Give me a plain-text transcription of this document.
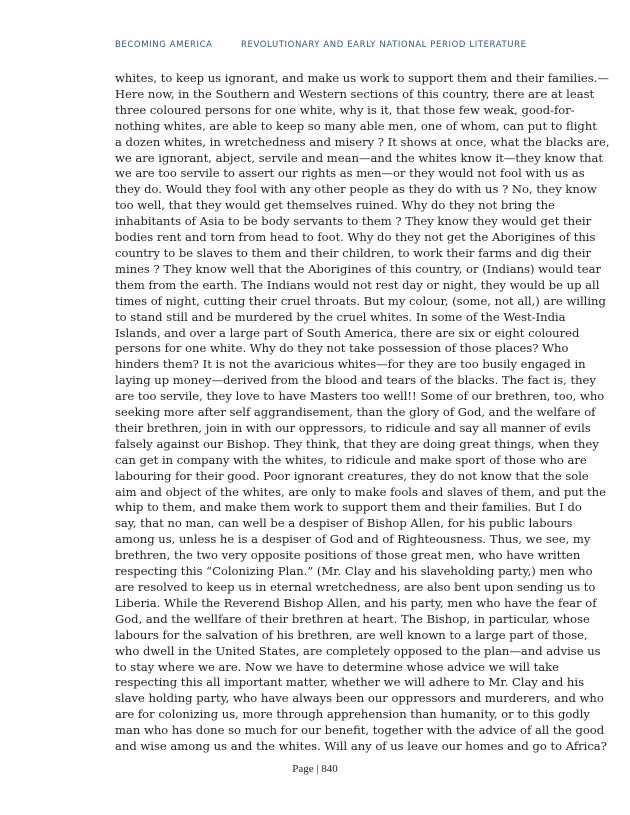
BECOMING AMERICA	REVOLUTIONARY AND EARLY NATIONAL PERIOD LITERATURE
whites, to keep us ignorant, and make us work to support them and their families.—
Here now, in the Southern and Western sections of this country, there are at least
three coloured persons for one white, why is it, that those few weak, good-for-
nothing whites, are able to keep so many able men, one of whom, can put to flight
a dozen whites, in wretchedness and misery ? It shows at once, what the blacks are,
we are ignorant, abject, servile and mean—and the whites know it—they know that
we are too servile to assert our rights as men—or they would not fool with us as
they do. Would they fool with any other people as they do with us ? No, they know
too well, that they would get themselves ruined. Why do they not bring the
inhabitants of Asia to be body servants to them ? They know they would get their
bodies rent and torn from head to foot. Why do they not get the Aborigines of this
country to be slaves to them and their children, to work their farms and dig their
mines ? They know well that the Aborigines of this country, or (Indians) would tear
them from the earth. The Indians would not rest day or night, they would be up all
times of night, cutting their cruel throats. But my colour, (some, not all,) are willing
to stand still and be murdered by the cruel whites. In some of the West-India
Islands, and over a large part of South America, there are six or eight coloured
persons for one white. Why do they not take possession of those places? Who
hinders them? It is not the avaricious whites—for they are too busily engaged in
laying up money—derived from the blood and tears of the blacks. The fact is, they
are too servile, they love to have Masters too well!! Some of our brethren, too, who
seeking more after self aggrandisement, than the glory of God, and the welfare of
their brethren, join in with our oppressors, to ridicule and say all manner of evils
falsely against our Bishop. They think, that they are doing great things, when they
can get in company with the whites, to ridicule and make sport of those who are
labouring for their good. Poor ignorant creatures, they do not know that the sole
aim and object of the whites, are only to make fools and slaves of them, and put the
whip to them, and make them work to support them and their families. But I do
say, that no man, can well be a despiser of Bishop Allen, for his public labours
among us, unless he is a despiser of God and of Righteousness. Thus, we see, my
brethren, the two very opposite positions of those great men, who have written
respecting this “Colonizing Plan.” (Mr. Clay and his slaveholding party,) men who
are resolved to keep us in eternal wretchedness, are also bent upon sending us to
Liberia. While the Reverend Bishop Allen, and his party, men who have the fear of
God, and the wellfare of their brethren at heart. The Bishop, in particular, whose
labours for the salvation of his brethren, are well known to a large part of those,
who dwell in the United States, are completely opposed to the plan—and advise us
to stay where we are. Now we have to determine whose advice we will take
respecting this all important matter, whether we will adhere to Mr. Clay and his
slave holding party, who have always been our oppressors and murderers, and who
are for colonizing us, more through apprehension than humanity, or to this godly
man who has done so much for our benefit, together with the advice of all the good
and wise among us and the whites. Will any of us leave our homes and go to Africa?
Page | 840
